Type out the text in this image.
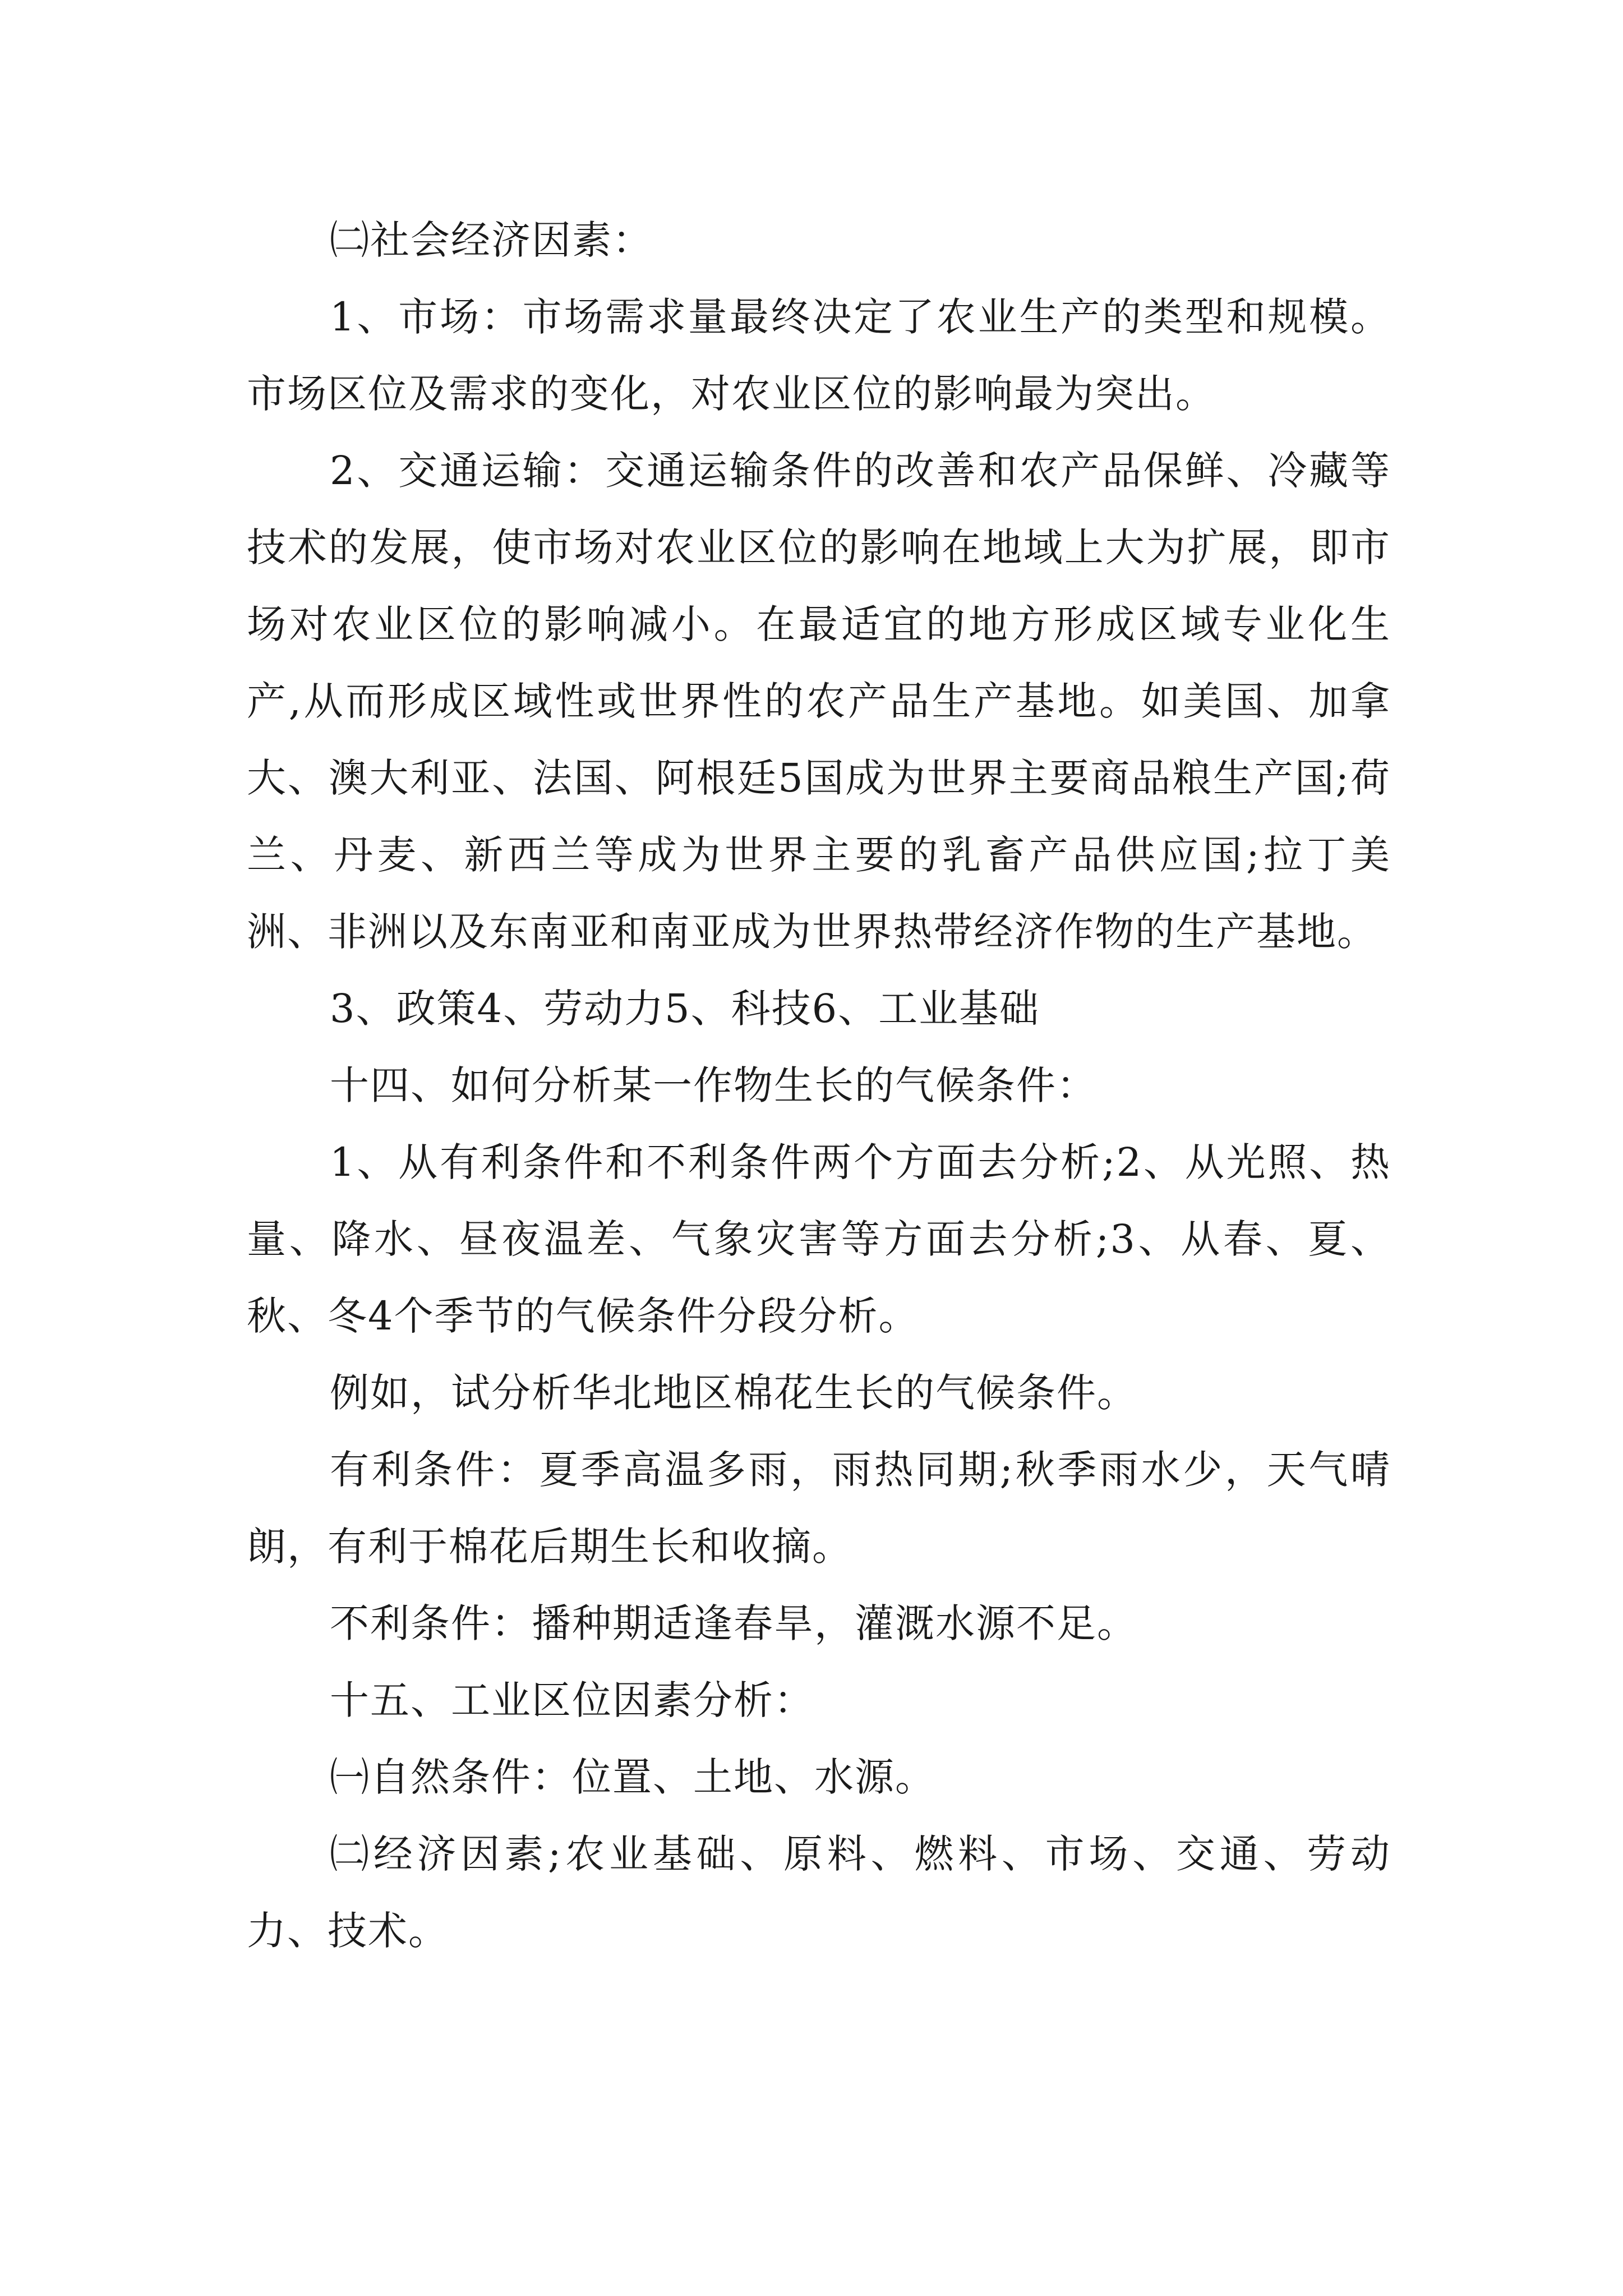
㈡社会经济因素：

1、市场：市场需求量最终决定了农业生产的类型和规模。市场区位及需求的变化，对农业区位的影响最为突出。

2、交通运输：交通运输条件的改善和农产品保鲜、冷藏等技术的发展，使市场对农业区位的影响在地域上大为扩展，即市场对农业区位的影响减小。在最适宜的地方形成区域专业化生产,从而形成区域性或世界性的农产品生产基地。如美国、加拿大、澳大利亚、法国、阿根廷5国成为世界主要商品粮生产国;荷兰、丹麦、新西兰等成为世界主要的乳畜产品供应国;拉丁美洲、非洲以及东南亚和南亚成为世界热带经济作物的生产基地。

3、政策4、劳动力5、科技6、工业基础

十四、如何分析某一作物生长的气候条件：

1、从有利条件和不利条件两个方面去分析;2、从光照、热量、降水、昼夜温差、气象灾害等方面去分析;3、从春、夏、秋、冬4个季节的气候条件分段分析。

例如，试分析华北地区棉花生长的气候条件。

有利条件：夏季高温多雨，雨热同期;秋季雨水少，天气晴朗，有利于棉花后期生长和收摘。

不利条件：播种期适逢春旱，灌溉水源不足。

十五、工业区位因素分析：

㈠自然条件：位置、土地、水源。

㈡经济因素;农业基础、原料、燃料、市场、交通、劳动力、技术。
